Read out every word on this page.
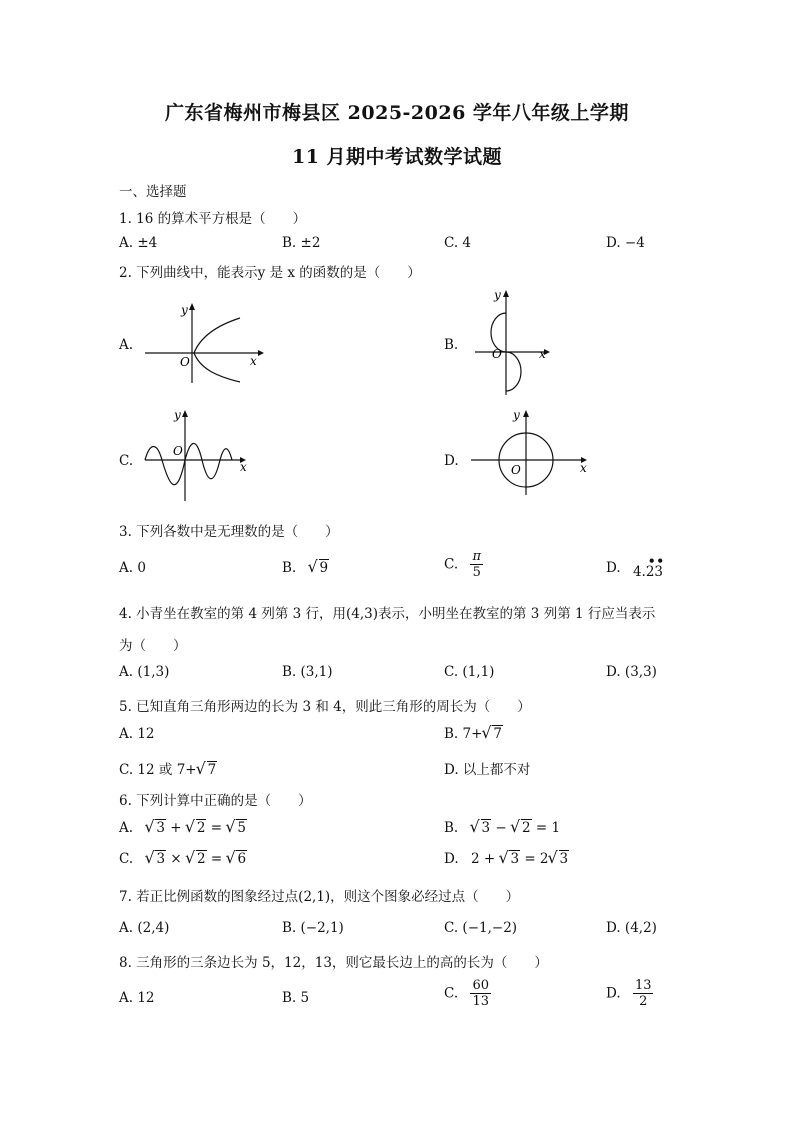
广东省梅州市梅县区 2025-2026 学年八年级上学期
11 月期中考试数学试题
一、选择题
1. 16 的算术平方根是（　　）
A. ±4	B. ±2	C. 4	D. −4
2. 下列曲线中，能表示y 是 x 的函数的是（　　）
A.
y
x
O
B.
y
x
O
C.
y
x
O
D.
y
x
O
3. 下列各数中是无理数的是（　　）
A. 0	B. √ 9	C. $\frac{\pi}{5}$	D. 4.
•
2
•
3
4. 小青坐在教室的第 4 列第 3 行，用(4,3)表示，小明坐在教室的第 3 列第 1 行应当表示
为（　　）
A. (1,3)	B. (3,1)	C. (1,1)	D. (3,3)
5. 已知直角三角形两边的长为 3 和 4，则此三角形的周长为（　　）
A. 12	B. 7+ √ 7
C. 12 或 7+ √ 7	D. 以上都不对
6. 下列计算中正确的是（　　）
A. √ 3 + √ 2 = √ 5	B. √ 3 − √ 2 = 1
C. √ 3 × √ 2 = √ 6	D. 2 + √ 3 = 2 √ 3
7. 若正比例函数的图象经过点(2,1)，则这个图象必经过点（　　）
A. (2,4)	B. (−2,1)	C. (−1,−2)	D. (4,2)
8. 三角形的三条边长为 5，12，13，则它最长边上的高的长为（　　）
A. 12	B. 5	C. $\frac{60}{13}$	D. $\frac{13}{2}$
